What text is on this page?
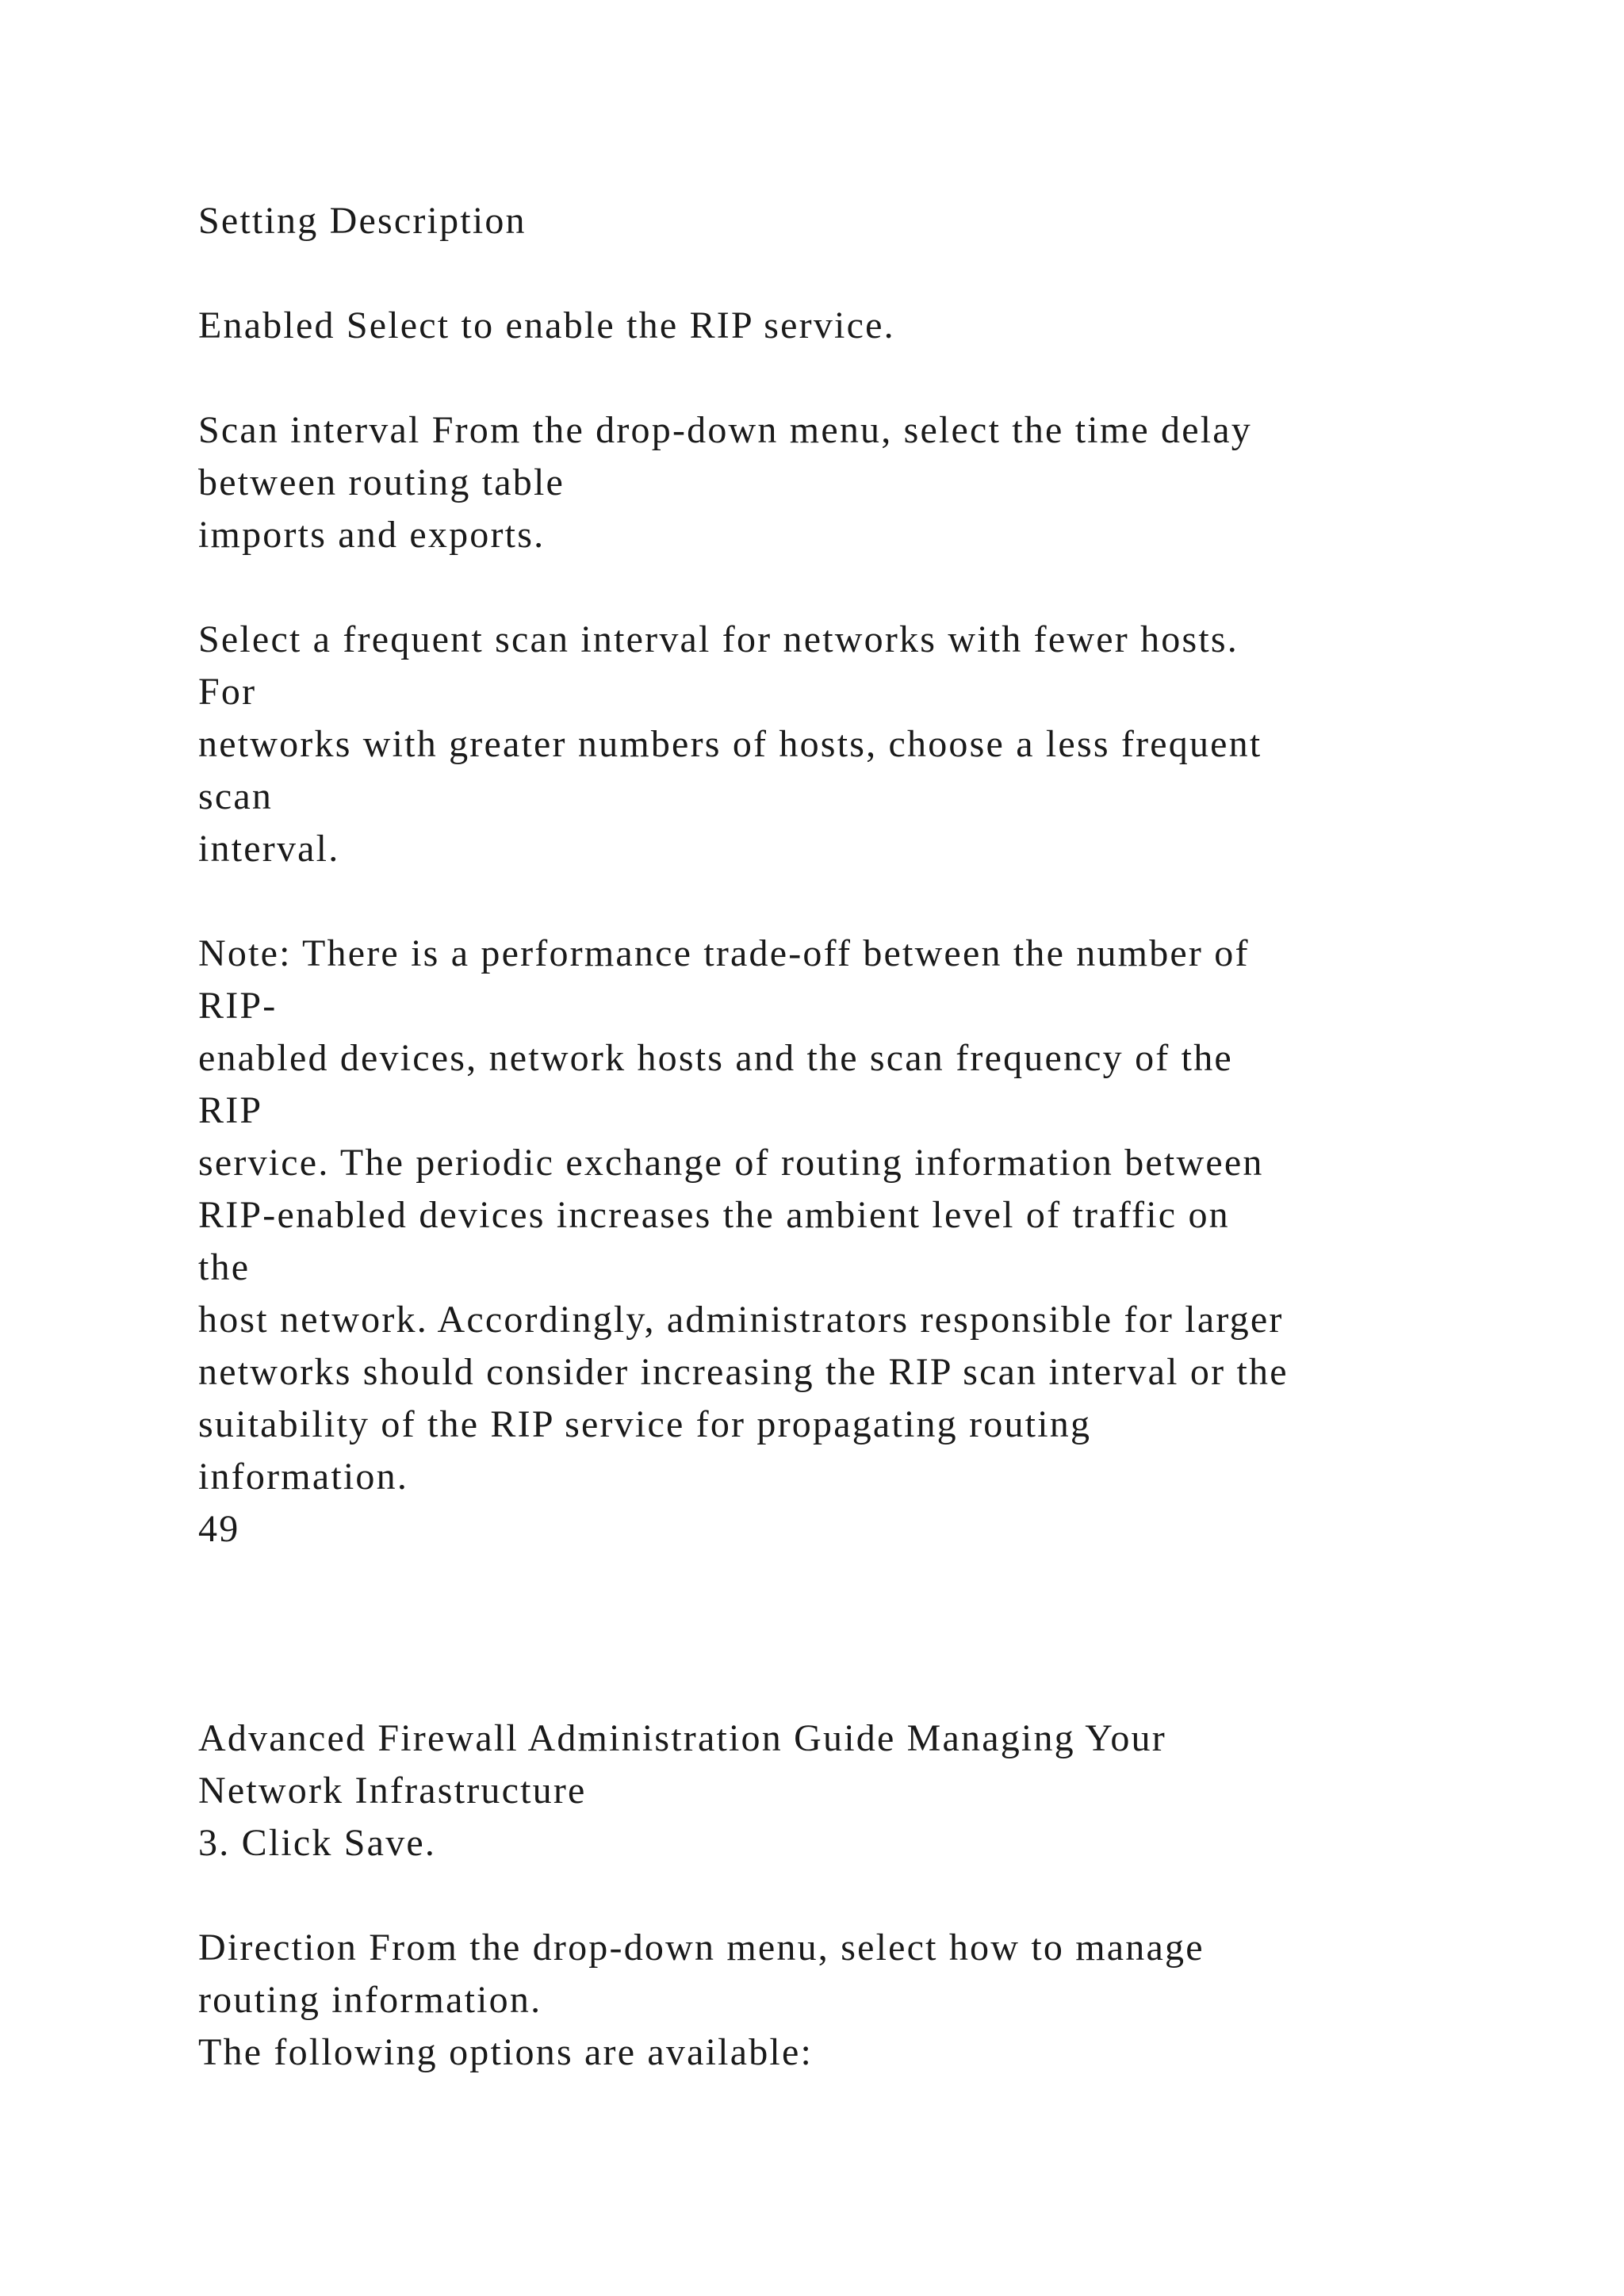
Setting Description
Enabled Select to enable the RIP service.
Scan interval From the drop-down menu, select the time delay
between routing table
imports and exports.
Select a frequent scan interval for networks with fewer hosts.
For
networks with greater numbers of hosts, choose a less frequent
scan
interval.
Note: There is a performance trade-off between the number of
RIP-
enabled devices, network hosts and the scan frequency of the
RIP
service. The periodic exchange of routing information between
RIP-enabled devices increases the ambient level of traffic on
the
host network. Accordingly, administrators responsible for larger
networks should consider increasing the RIP scan interval or the
suitability of the RIP service for propagating routing
information.
49
Advanced Firewall Administration Guide Managing Your
Network Infrastructure
3. Click Save.
Direction From the drop-down menu, select how to manage
routing information.
The following options are available:
